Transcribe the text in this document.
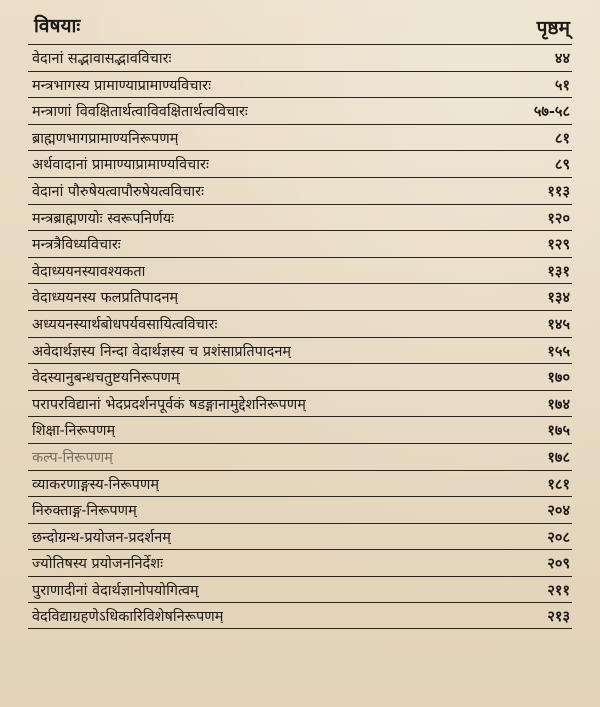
विषयाः	पृष्ठम्
वेदानां सद्भावासद्भावविचारः	४४
मन्त्रभागस्य प्रामाण्याप्रामाण्यविचारः	५१
मन्त्राणां विवक्षितार्थत्वाविवक्षितार्थत्वविचारः	५७-५८
ब्राह्मणभागप्रामाण्यनिरूपणम्	८१
अर्थवादानां प्रामाण्याप्रामाण्यविचारः	८९
वेदानां पौरुषेयत्वापौरुषेयत्वविचारः	११३
मन्त्रब्राह्मणयोः स्वरूपनिर्णयः	१२०
मन्त्रत्रैविध्यविचारः	१२९
वेदाध्ययनस्यावश्यकता	१३१
वेदाध्ययनस्य फलप्रतिपादनम्	१३४
अध्ययनस्यार्थबोधपर्यवसायित्वविचारः	१४५
अवेदार्थज्ञस्य निन्दा वेदार्थज्ञस्य च प्रशंसाप्रतिपादनम्	१५५
वेदस्यानुबन्धचतुष्टयनिरूपणम्	१७०
परापरविद्यानां भेदप्रदर्शनपूर्वकं षडङ्गानामुद्देशनिरूपणम्	१७४
शिक्षा-निरूपणम्	१७५
कल्प-निरूपणम्	१७८
व्याकरणाङ्गस्य-निरूपणम्	१८१
निरुक्ताङ्ग-निरूपणम्	२०४
छन्दोग्रन्थ-प्रयोजन-प्रदर्शनम्	२०८
ज्योतिषस्य प्रयोजननिर्देशः	२०९
पुराणादीनां वेदार्थज्ञानोपयोगित्वम्	२११
वेदविद्याग्रहणेऽधिकारिविशेषनिरूपणम्	२१३
